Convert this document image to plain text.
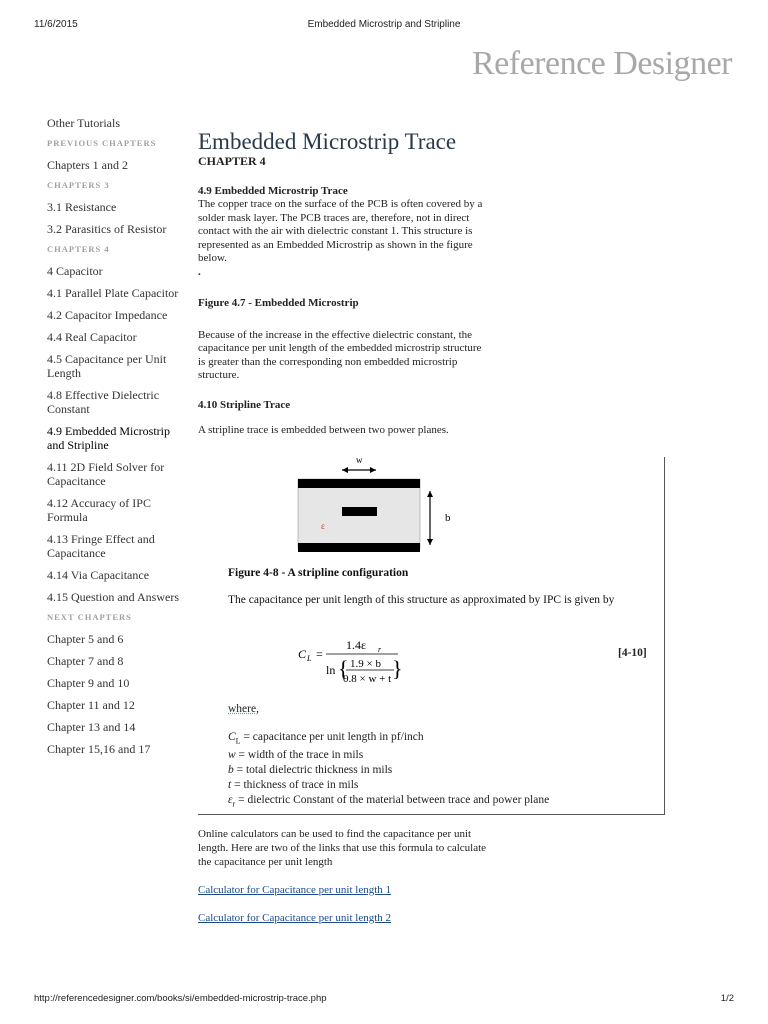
11/6/2015	Embedded Microstrip and Stripline
Reference Designer
Other Tutorials
PREVIOUS CHAPTERS
Chapters 1 and 2
CHAPTERS 3
3.1 Resistance
3.2 Parasitics of Resistor
CHAPTERS 4
4 Capacitor
4.1 Parallel Plate Capacitor
4.2 Capacitor Impedance
4.4 Real Capacitor
4.5 Capacitance per Unit Length
4.8 Effective Dielectric Constant
4.9 Embedded Microstrip and Stripline
4.11 2D Field Solver for Capacitance
4.12 Accuracy of IPC Formula
4.13 Fringe Effect and Capacitance
4.14 Via Capacitance
4.15 Question and Answers
NEXT CHAPTERS
Chapter 5 and 6
Chapter 7 and 8
Chapter 9 and 10
Chapter 11 and 12
Chapter 13 and 14
Chapter 15,16 and 17
Embedded Microstrip Trace
CHAPTER 4
4.9 Embedded Microstrip Trace

The copper trace on the surface of the PCB is often covered by a solder mask layer. The PCB traces are, therefore, not in direct contact with the air with dielectric constant 1. This structure is represented as an Embedded Microstrip as shown in the figure below.

.
Figure 4.7 - Embedded Microstrip

Because of the increase in the effective dielectric constant, the capacitance per unit length of the embedded microstrip structure is greater than the corresponding non embedded microstrip structure.

4.10 Stripline Trace

A stripline trace is embedded between two power planes.

w
ε
b
C L =
1.4ε r
ln { }
1.9 × b
0.8 × w + t
Figure 4-8 - A stripline configuration
The capacitance per unit length of this structure as approximated by IPC is given by
[4-10]
where,
$C_L$ = capacitance per unit length in pf/inch
w = width of the trace in mils
b = total dielectric thickness in mils
t = thickness of trace in mils
$\varepsilon_r$ = dielectric Constant of the material between trace and power plane

Online calculators can be used to find the capacitance per unit length. Here are two of the links that use this formula to calculate the capacitance per unit length

Calculator for Capacitance per unit length 1
Calculator for Capacitance per unit length 2
http://referencedesigner.com/books/si/embedded-microstrip-trace.php	1/2
